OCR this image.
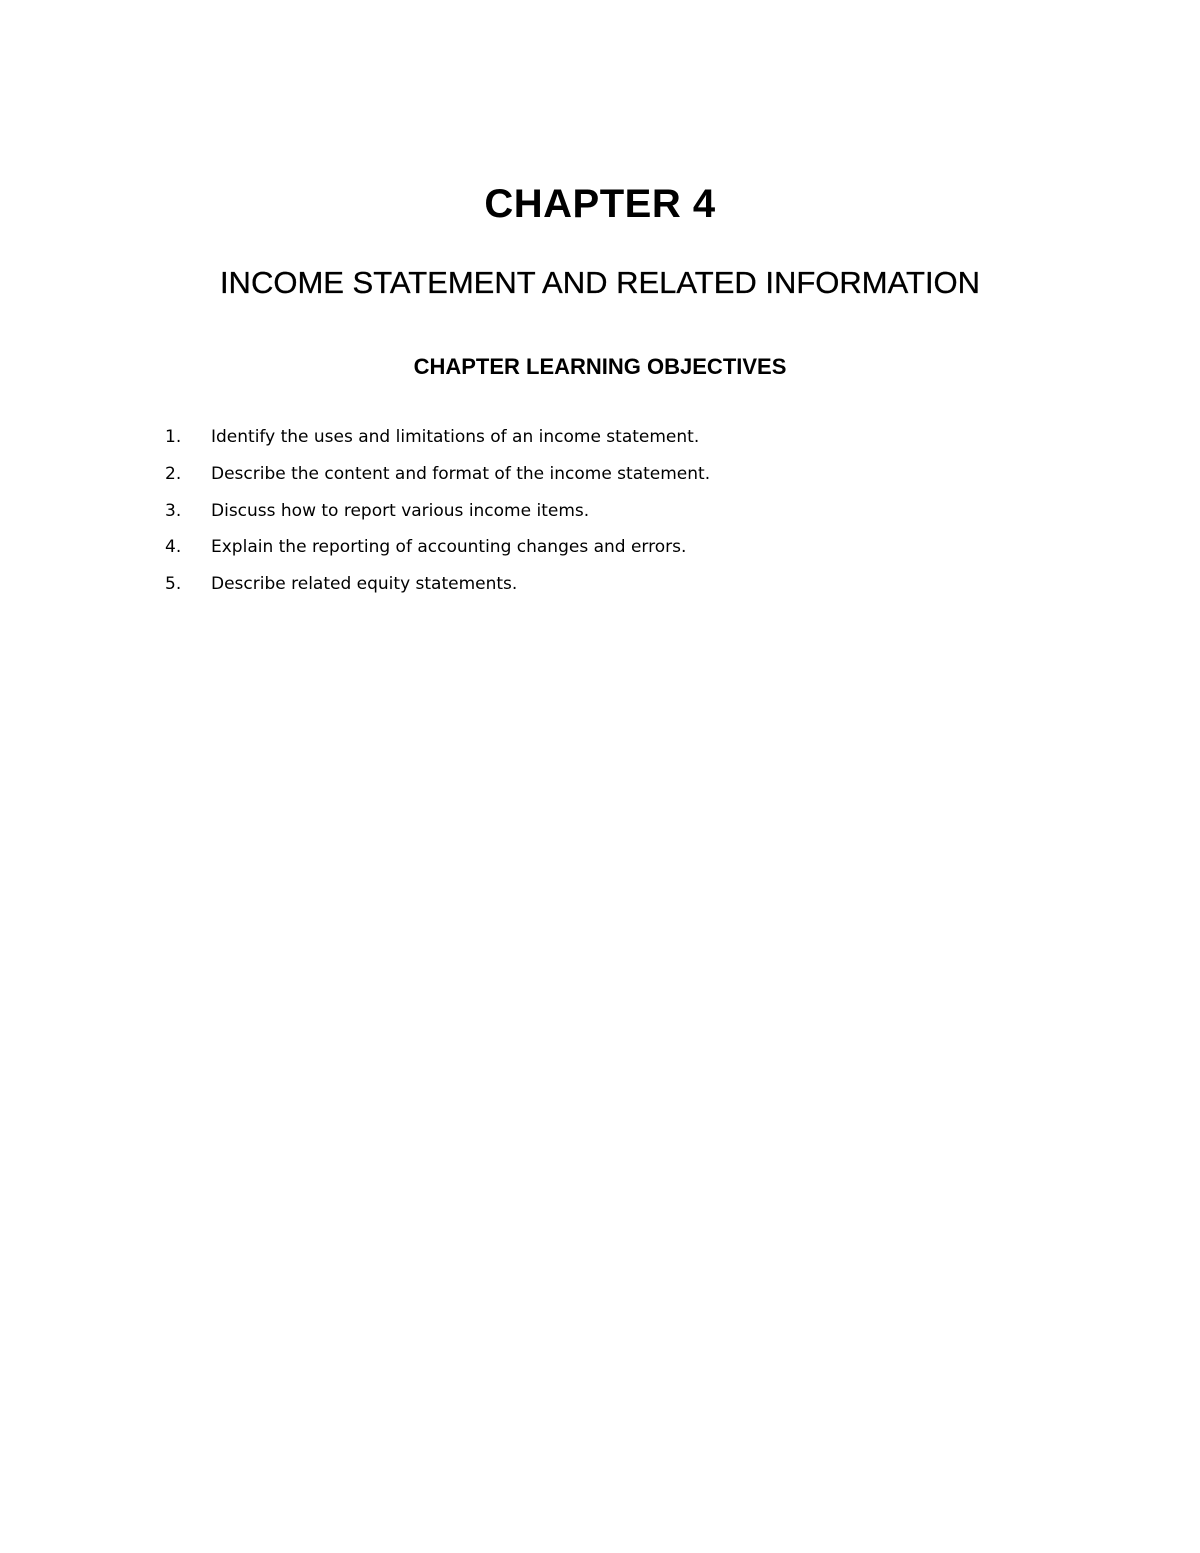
CHAPTER 4
INCOME STATEMENT AND RELATED INFORMATION
CHAPTER LEARNING OBJECTIVES
1. Identify the uses and limitations of an income statement.
2. Describe the content and format of the income statement.
3. Discuss how to report various income items.
4. Explain the reporting of accounting changes and errors.
5. Describe related equity statements.
